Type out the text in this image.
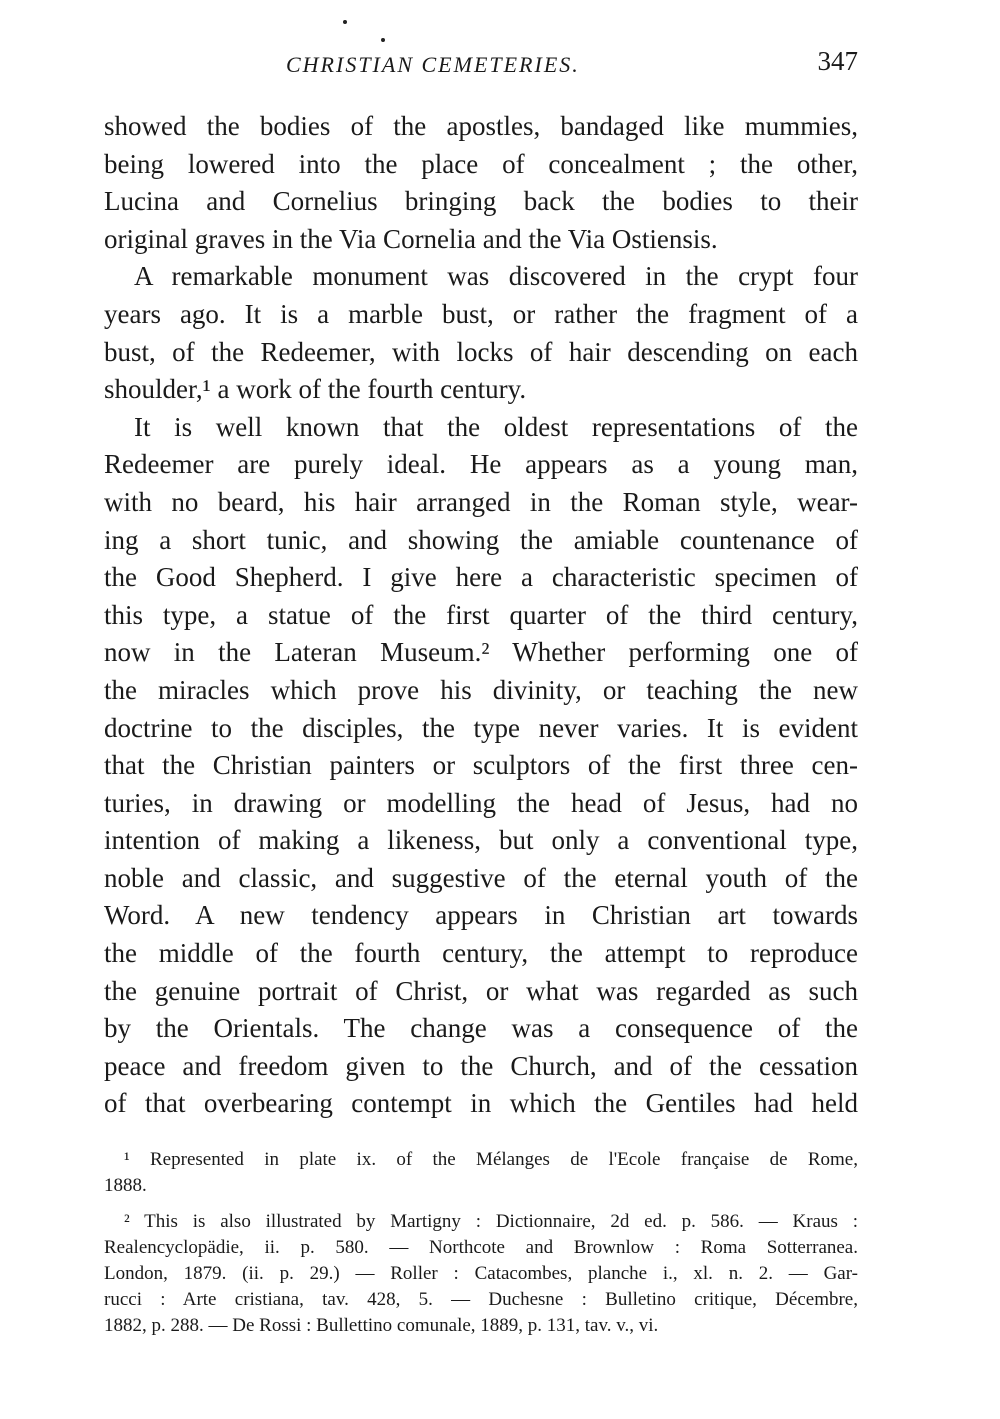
CHRISTIAN CEMETERIES.	347
showed the bodies of the apostles, bandaged like mummies,
being lowered into the place of concealment ; the other,
Lucina and Cornelius bringing back the bodies to their
original graves in the Via Cornelia and the Via Ostiensis.
A remarkable monument was discovered in the crypt four
years ago. It is a marble bust, or rather the fragment of a
bust, of the Redeemer, with locks of hair descending on each
shoulder,¹ a work of the fourth century.
It is well known that the oldest representations of the
Redeemer are purely ideal. He appears as a young man,
with no beard, his hair arranged in the Roman style, wear-
ing a short tunic, and showing the amiable countenance of
the Good Shepherd. I give here a characteristic specimen of
this type, a statue of the first quarter of the third century,
now in the Lateran Museum.² Whether performing one of
the miracles which prove his divinity, or teaching the new
doctrine to the disciples, the type never varies. It is evident
that the Christian painters or sculptors of the first three cen-
turies, in drawing or modelling the head of Jesus, had no
intention of making a likeness, but only a conventional type,
noble and classic, and suggestive of the eternal youth of the
Word. A new tendency appears in Christian art towards
the middle of the fourth century, the attempt to reproduce
the genuine portrait of Christ, or what was regarded as such
by the Orientals. The change was a consequence of the
peace and freedom given to the Church, and of the cessation
of that overbearing contempt in which the Gentiles had held
¹ Represented in plate ix. of the Mélanges de l'Ecole française de Rome,
1888.
² This is also illustrated by Martigny : Dictionnaire, 2d ed. p. 586. — Kraus :
Realencyclopädie, ii. p. 580. — Northcote and Brownlow : Roma Sotterranea.
London, 1879. (ii. p. 29.) — Roller : Catacombes, planche i., xl. n. 2. — Gar-
rucci : Arte cristiana, tav. 428, 5. — Duchesne : Bulletino critique, Décembre,
1882, p. 288. — De Rossi : Bullettino comunale, 1889, p. 131, tav. v., vi.
